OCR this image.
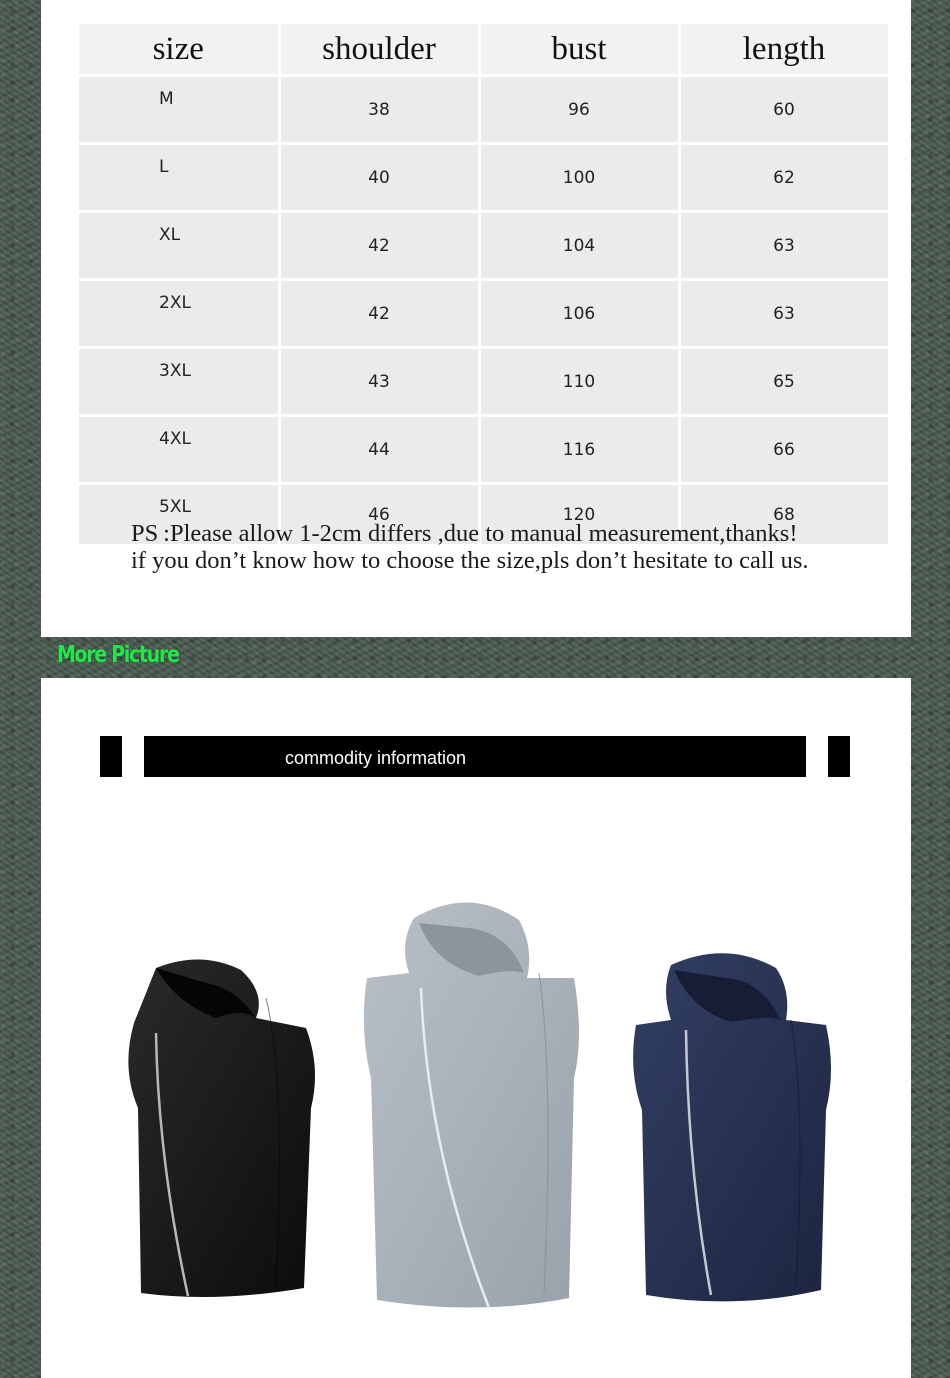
size	shoulder	bust	length
M	38	96	60
L	40	100	62
XL	42	104	63
2XL	42	106	63
3XL	43	110	65
4XL	44	116	66
5XL	46	120	68
PS :Please allow 1-2cm differs ,due to manual measurement,thanks!
if you don’t know how to choose the size,pls don’t hesitate to call us.
More Picture
commodity information
